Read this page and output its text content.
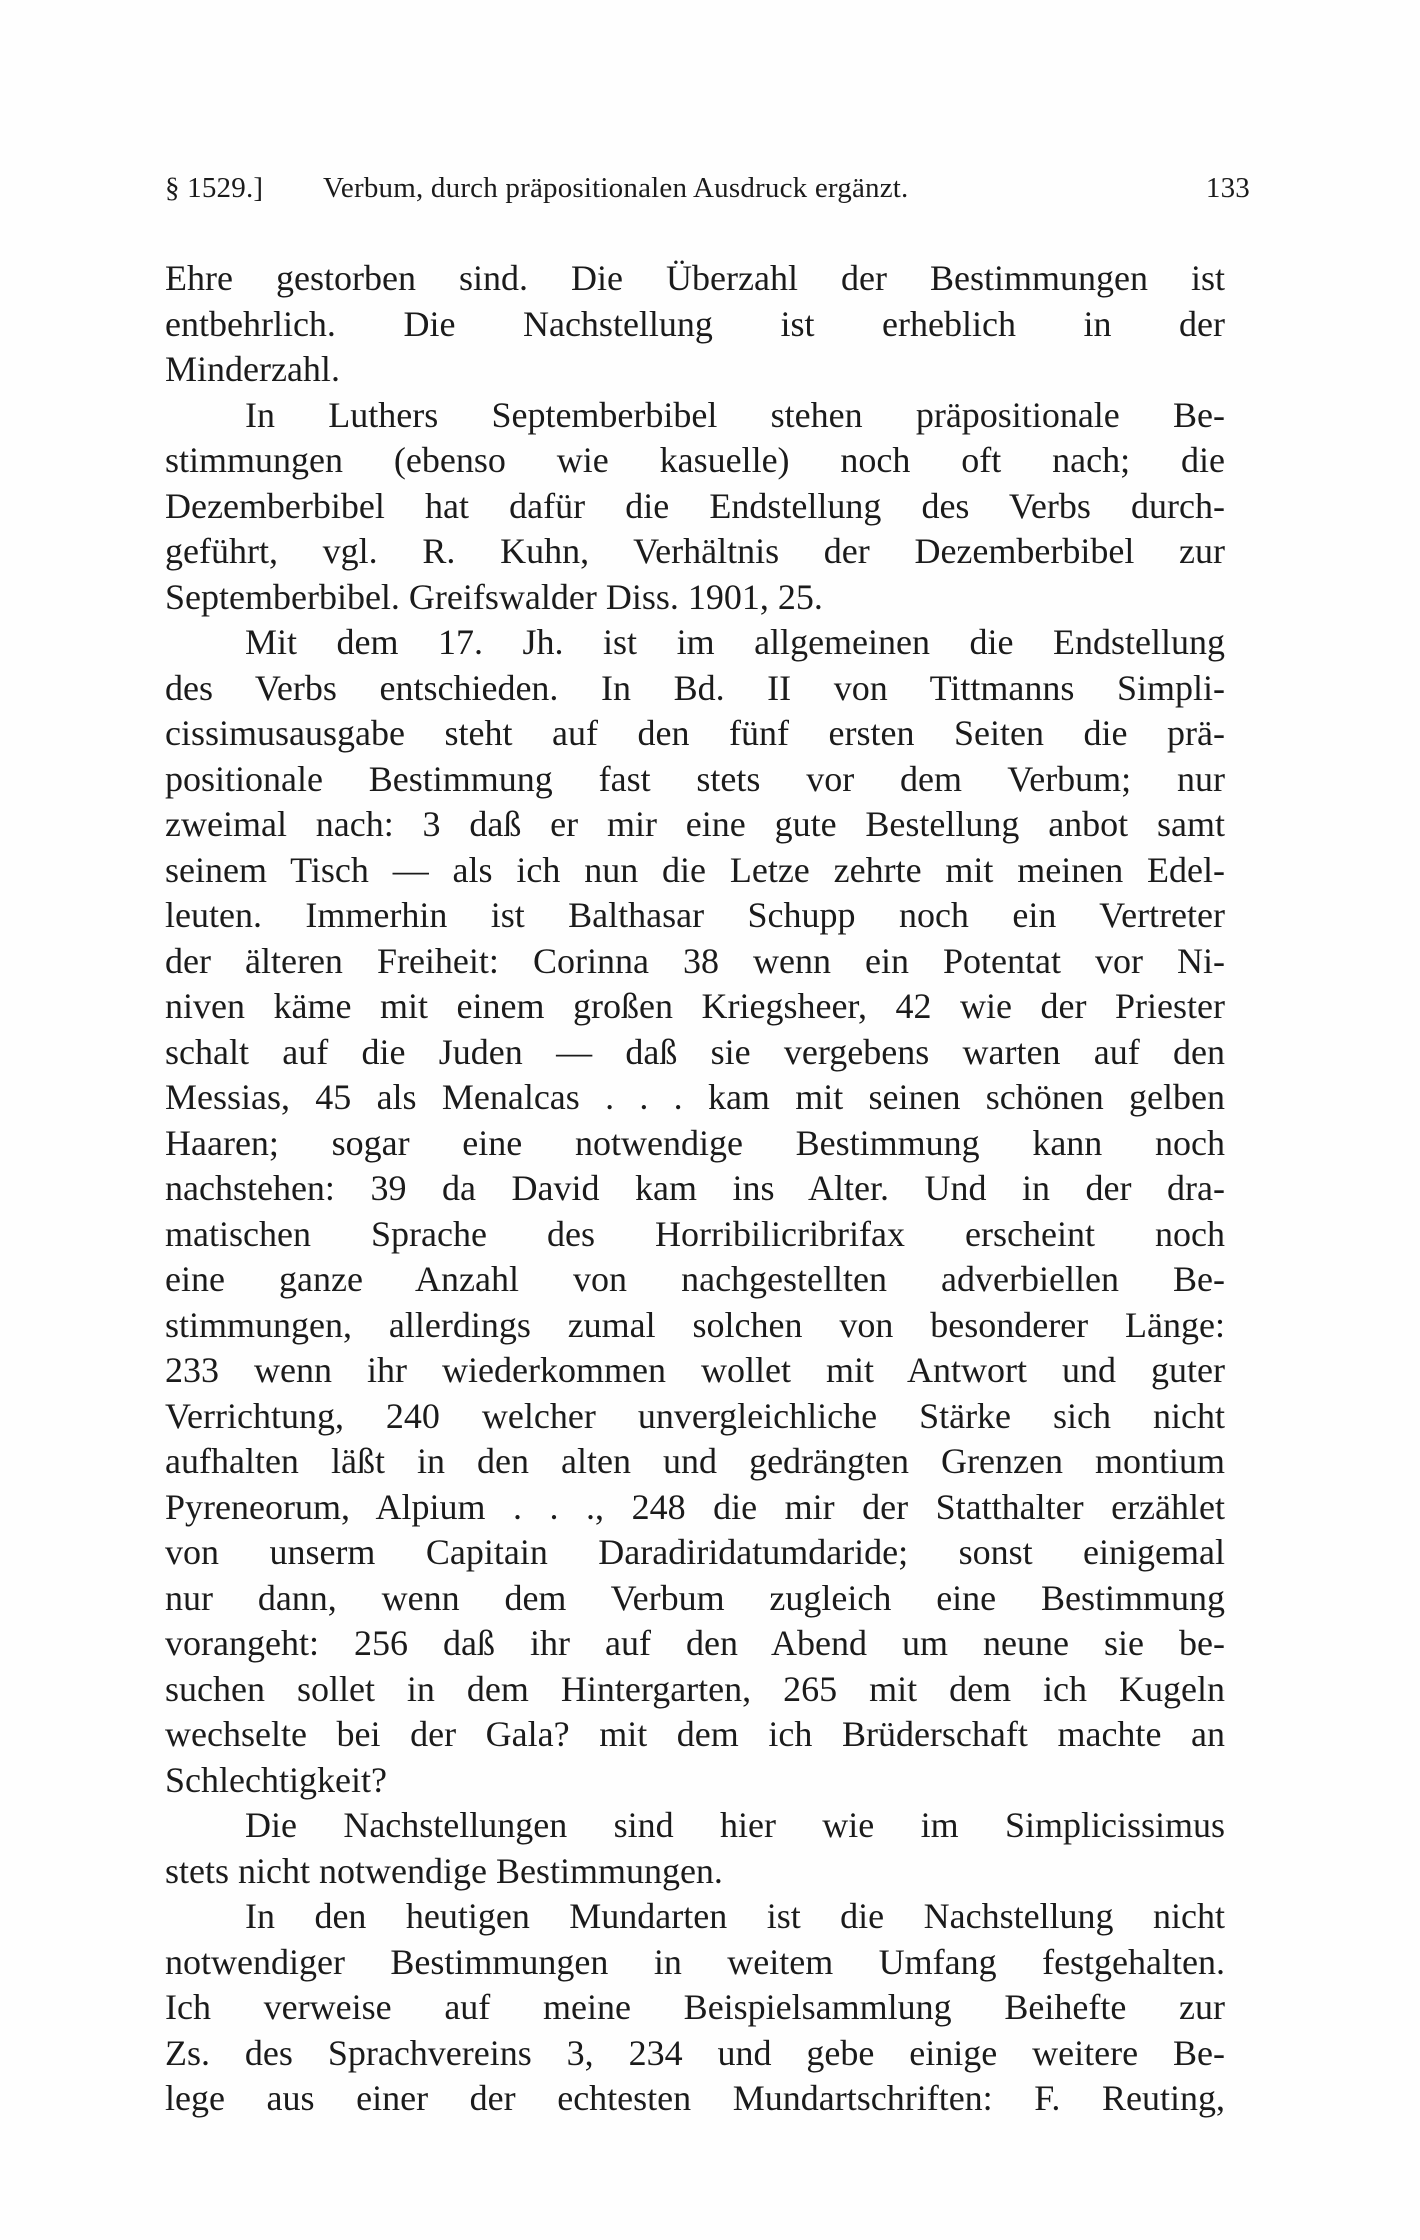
§ 1529.] Verbum, durch präpositionalen Ausdruck ergänzt.	133
Ehre gestorben sind. Die Überzahl der Bestimmungen ist
entbehrlich. Die Nachstellung ist erheblich in der
Minderzahl.
In Luthers Septemberbibel stehen präpositionale Be-
stimmungen (ebenso wie kasuelle) noch oft nach; die
Dezemberbibel hat dafür die Endstellung des Verbs durch-
geführt, vgl. R. Kuhn, Verhältnis der Dezemberbibel zur
Septemberbibel. Greifswalder Diss. 1901, 25.
Mit dem 17. Jh. ist im allgemeinen die Endstellung
des Verbs entschieden. In Bd. II von Tittmanns Simpli-
cissimusausgabe steht auf den fünf ersten Seiten die prä-
positionale Bestimmung fast stets vor dem Verbum; nur
zweimal nach: 3 daß er mir eine gute Bestellung anbot samt
seinem Tisch — als ich nun die Letze zehrte mit meinen Edel-
leuten. Immerhin ist Balthasar Schupp noch ein Vertreter
der älteren Freiheit: Corinna 38 wenn ein Potentat vor Ni-
niven käme mit einem großen Kriegsheer, 42 wie der Priester
schalt auf die Juden — daß sie vergebens warten auf den
Messias, 45 als Menalcas . . . kam mit seinen schönen gelben
Haaren; sogar eine notwendige Bestimmung kann noch
nachstehen: 39 da David kam ins Alter. Und in der dra-
matischen Sprache des Horribilicribrifax erscheint noch
eine ganze Anzahl von nachgestellten adverbiellen Be-
stimmungen, allerdings zumal solchen von besonderer Länge:
233 wenn ihr wiederkommen wollet mit Antwort und guter
Verrichtung, 240 welcher unvergleichliche Stärke sich nicht
aufhalten läßt in den alten und gedrängten Grenzen montium
Pyreneorum, Alpium . . ., 248 die mir der Statthalter erzählet
von unserm Capitain Daradiridatumdaride; sonst einigemal
nur dann, wenn dem Verbum zugleich eine Bestimmung
vorangeht: 256 daß ihr auf den Abend um neune sie be-
suchen sollet in dem Hintergarten, 265 mit dem ich Kugeln
wechselte bei der Gala? mit dem ich Brüderschaft machte an
Schlechtigkeit?
Die Nachstellungen sind hier wie im Simplicissimus
stets nicht notwendige Bestimmungen.
In den heutigen Mundarten ist die Nachstellung nicht
notwendiger Bestimmungen in weitem Umfang festgehalten.
Ich verweise auf meine Beispielsammlung Beihefte zur
Zs. des Sprachvereins 3, 234 und gebe einige weitere Be-
lege aus einer der echtesten Mundartschriften: F. Reuting,
